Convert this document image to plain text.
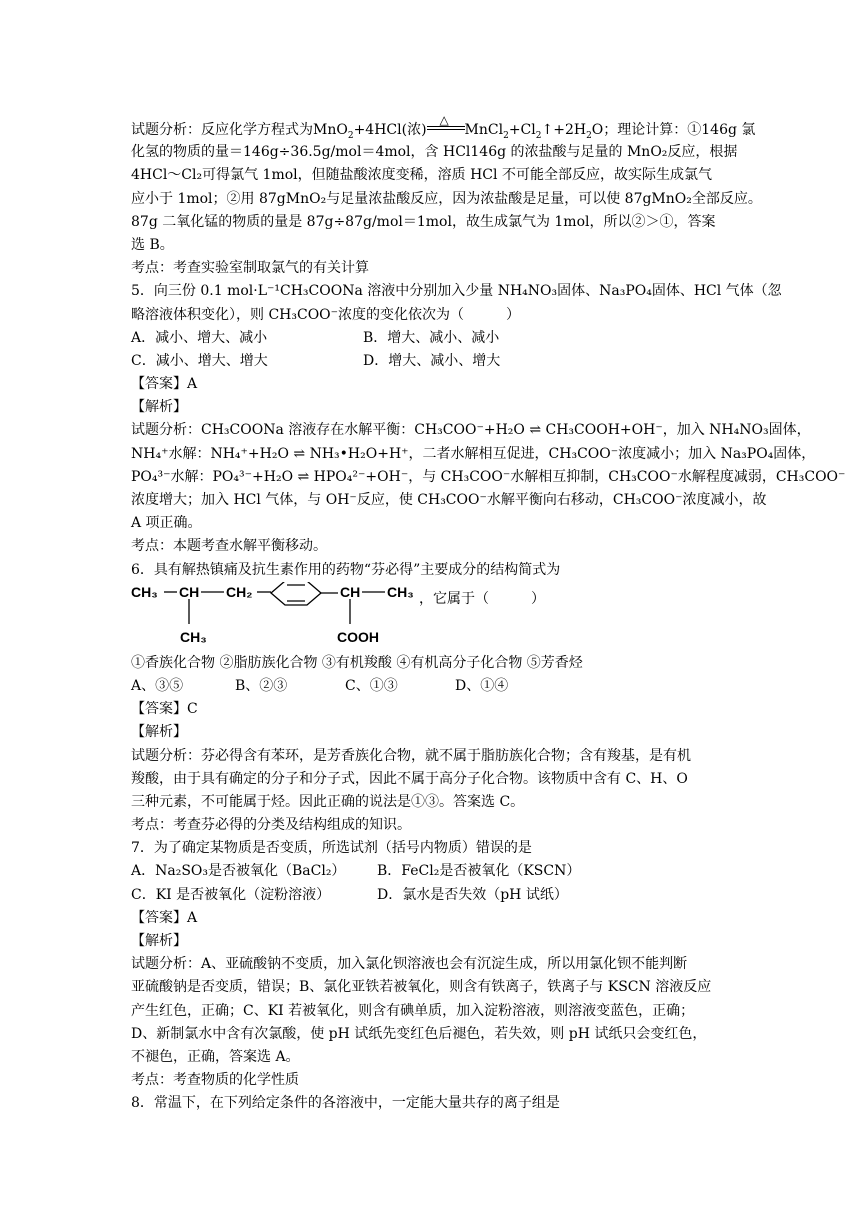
试题分析：反应化学方程式为MnO$_2$+4HCl(浓)
△
$MnCl_2+Cl_2↑+2H_2O$；理论计算：①146g 氯
化氢的物质的量＝146g÷36.5g/mol＝4mol，含 HCl146g 的浓盐酸与足量的 MnO₂反应，根据
4HCl～Cl₂可得氯气 1mol，但随盐酸浓度变稀，溶质 HCl 不可能全部反应，故实际生成氯气
应小于 1mol；②用 87gMnO₂与足量浓盐酸反应，因为浓盐酸是足量，可以使 87gMnO₂全部反应。
87g 二氧化锰的物质的量是 87g÷87g/mol＝1mol，故生成氯气为 1mol，所以②＞①，答案
选 B。
考点：考查实验室制取氯气的有关计算
5．向三份 0.1 mol·L⁻¹CH₃COONa 溶液中分别加入少量 NH₄NO₃固体、Na₃PO₄固体、HCl 气体（忽
略溶液体积变化），则 CH₃COO⁻浓度的变化依次为（　　　）
A．减小、增大、减小	B．增大、减小、减小
C．减小、增大、增大	D．增大、减小、增大
【答案】A
【解析】
试题分析：CH₃COONa 溶液存在水解平衡：CH₃COO⁻+H₂O ⇌ CH₃COOH+OH⁻，加入 NH₄NO₃固体，
NH₄⁺水解：NH₄⁺+H₂O ⇌ NH₃•H₂O+H⁺，二者水解相互促进，CH₃COO⁻浓度减小；加入 Na₃PO₄固体，
PO₄³⁻水解：PO₄³⁻+H₂O ⇌ HPO₄²⁻+OH⁻，与 CH₃COO⁻水解相互抑制，CH₃COO⁻水解程度减弱，CH₃COO⁻
浓度增大；加入 HCl 气体，与 OH⁻反应，使 CH₃COO⁻水解平衡向右移动，CH₃COO⁻浓度减小，故
A 项正确。
考点：本题考查水解平衡移动。
6．具有解热镇痛及抗生素作用的药物“芬必得”主要成分的结构简式为
CH₃ CH CH₂	CH CH₃
CH₃	COOH
，它属于（　　　）
①香族化合物 ②脂肪族化合物 ③有机羧酸 ④有机高分子化合物 ⑤芳香烃
A、③⑤	B、②③	C、①③	D、①④
【答案】C
【解析】
试题分析：芬必得含有苯环，是芳香族化合物，就不属于脂肪族化合物；含有羧基，是有机
羧酸，由于具有确定的分子和分子式，因此不属于高分子化合物。该物质中含有 C、H、O
三种元素，不可能属于烃。因此正确的说法是①③。答案选 C。
考点：考查芬必得的分类及结构组成的知识。
7．为了确定某物质是否变质，所选试剂（括号内物质）错误的是
A．Na₂SO₃是否被氧化（BaCl₂）	B．FeCl₂是否被氧化（KSCN）
C．KI 是否被氧化（淀粉溶液）	D．氯水是否失效（pH 试纸）
【答案】A
【解析】
试题分析：A、亚硫酸钠不变质，加入氯化钡溶液也会有沉淀生成，所以用氯化钡不能判断
亚硫酸钠是否变质，错误；B、氯化亚铁若被氧化，则含有铁离子，铁离子与 KSCN 溶液反应
产生红色，正确；C、KI 若被氧化，则含有碘单质，加入淀粉溶液，则溶液变蓝色，正确；
D、新制氯水中含有次氯酸，使 pH 试纸先变红色后褪色，若失效，则 pH 试纸只会变红色，
不褪色，正确，答案选 A。
考点：考查物质的化学性质
8．常温下，在下列给定条件的各溶液中，一定能大量共存的离子组是
